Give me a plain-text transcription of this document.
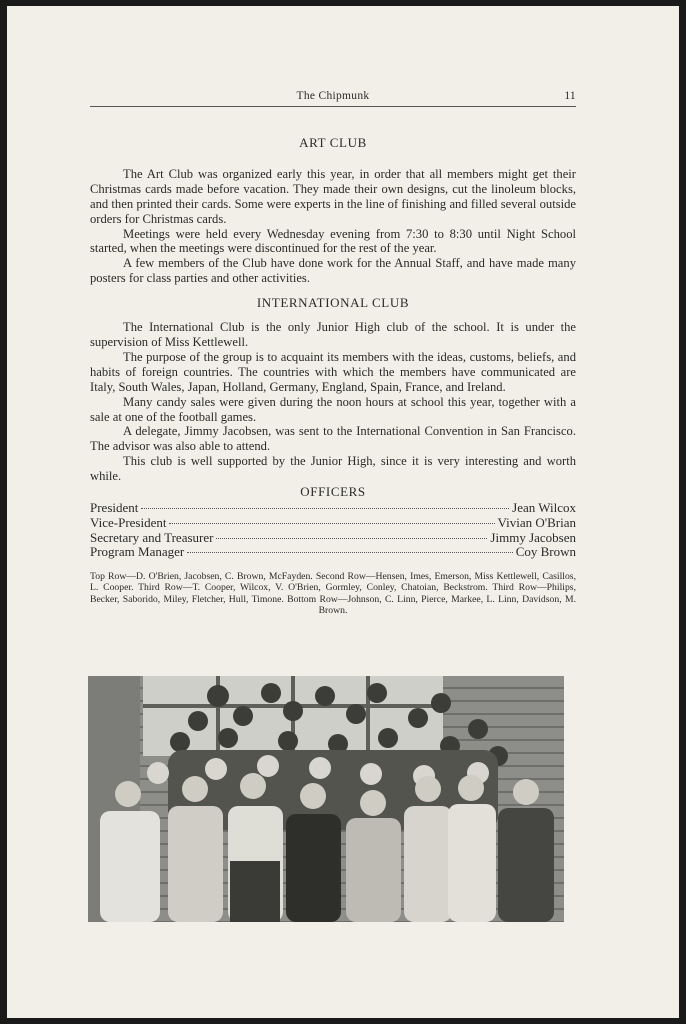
The Chipmunk	11
ART CLUB

The Art Club was organized early this year, in order that all members might get their Christmas cards made before vacation. They made their own designs, cut the linoleum blocks, and then printed their cards. Some were experts in the line of finishing and filled several outside orders for Christmas cards.

Meetings were held every Wednesday evening from 7:30 to 8:30 until Night School started, when the meetings were discontinued for the rest of the year.

A few members of the Club have done work for the Annual Staff, and have made many posters for class parties and other activities.

INTERNATIONAL CLUB

The International Club is the only Junior High club of the school. It is under the supervision of Miss Kettlewell.

The purpose of the group is to acquaint its members with the ideas, customs, beliefs, and habits of foreign countries. The countries with which the members have communicated are Italy, South Wales, Japan, Holland, Germany, England, Spain, France, and Ireland.

Many candy sales were given during the noon hours at school this year, together with a sale at one of the football games.

A delegate, Jimmy Jacobsen, was sent to the International Convention in San Francisco. The advisor was also able to attend.

This club is well supported by the Junior High, since it is very interesting and worth while.

OFFICERS
President	Jean Wilcox
Vice-President	Vivian O'Brian
Secretary and Treasurer	Jimmy Jacobsen
Program Manager	Coy Brown
Top Row—D. O'Brien, Jacobsen, C. Brown, McFayden. Second Row—Hensen, Imes, Emerson, Miss Kettlewell, Casillos, L. Cooper. Third Row—T. Cooper, Wilcox, V. O'Brien, Gormley, Conley, Chatoian, Beckstrom. Third Row—Philips, Becker, Saborido, Miley, Fletcher, Hull, Timone. Bottom Row—Johnson, C. Linn, Pierce, Markee, L. Linn, Davidson, M. Brown.
